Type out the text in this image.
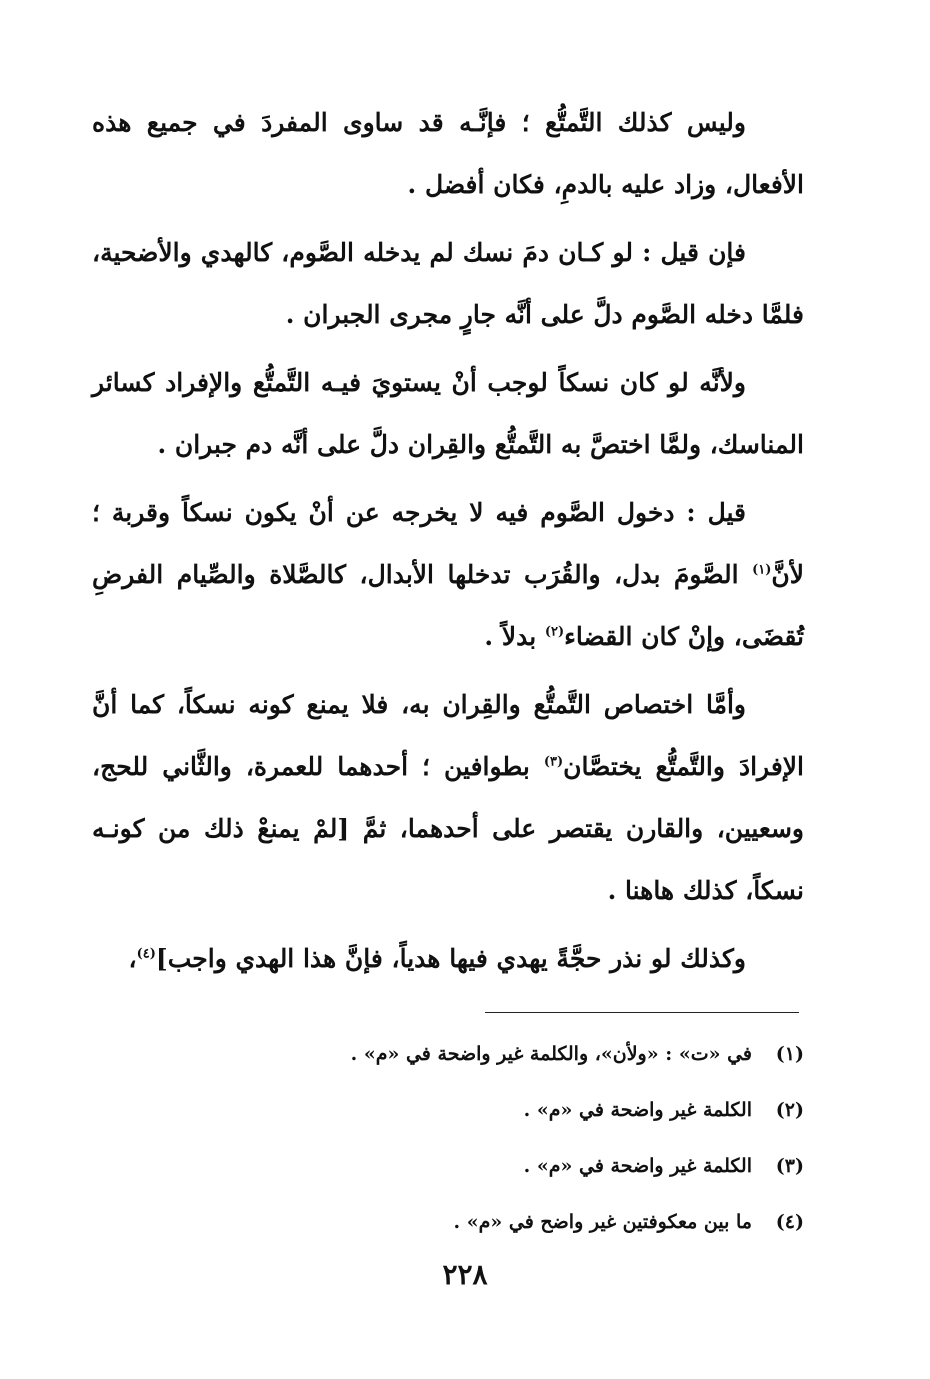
وليس كذلك التَّمتُّع ؛ فإنَّـه قد ساوى المفردَ في جميع هذه الأفعال، وزاد عليه بالدمِ، فكان أفضل .

فإن قيل : لو كـان دمَ نسك لم يدخله الصَّوم، كالهدي والأضحية، فلمَّا دخله الصَّوم دلَّ على أنَّه جارٍ مجرى الجبران .

ولأنَّه لو كان نسكاً لوجب أنْ يستويَ فيـه التَّمتُّع والإفراد كسائر المناسك، ولمَّا اختصَّ به التَّمتُّع والقِران دلَّ على أنَّه دم جبران .

قيل : دخول الصَّوم فيه لا يخرجه عن أنْ يكون نسكاً وقربة ؛ لأنَّ$^{(١)}$ الصَّومَ بدل، والقُرَب تدخلها الأبدال، كالصَّلاة والصِّيام الفرضِ تُقضَى، وإنْ كان القضاء$^{(٢)}$ بدلاً .

وأمَّا اختصاص التَّمتُّع والقِران به، فلا يمنع كونه نسكاً، كما أنَّ الإفرادَ والتَّمتُّع يختصَّان$^{(٣)}$ بطوافين ؛ أحدهما للعمرة، والثَّاني للحج، وسعيين، والقارن يقتصر على أحدهما، ثمَّ [لمْ يمنعْ ذلك من كونـه نسكاً، كذلك هاهنا .

وكذلك لو نذر حجَّةً يهدي فيها هدياً، فإنَّ هذا الهدي واجب]$^{(٤)}$،

(١)في «ت» : «ولأن»، والكلمة غير واضحة في «م» .
(٢)الكلمة غير واضحة في «م» .
(٣)الكلمة غير واضحة في «م» .
(٤)ما بين معكوفتين غير واضح في «م» .
٢٢٨
